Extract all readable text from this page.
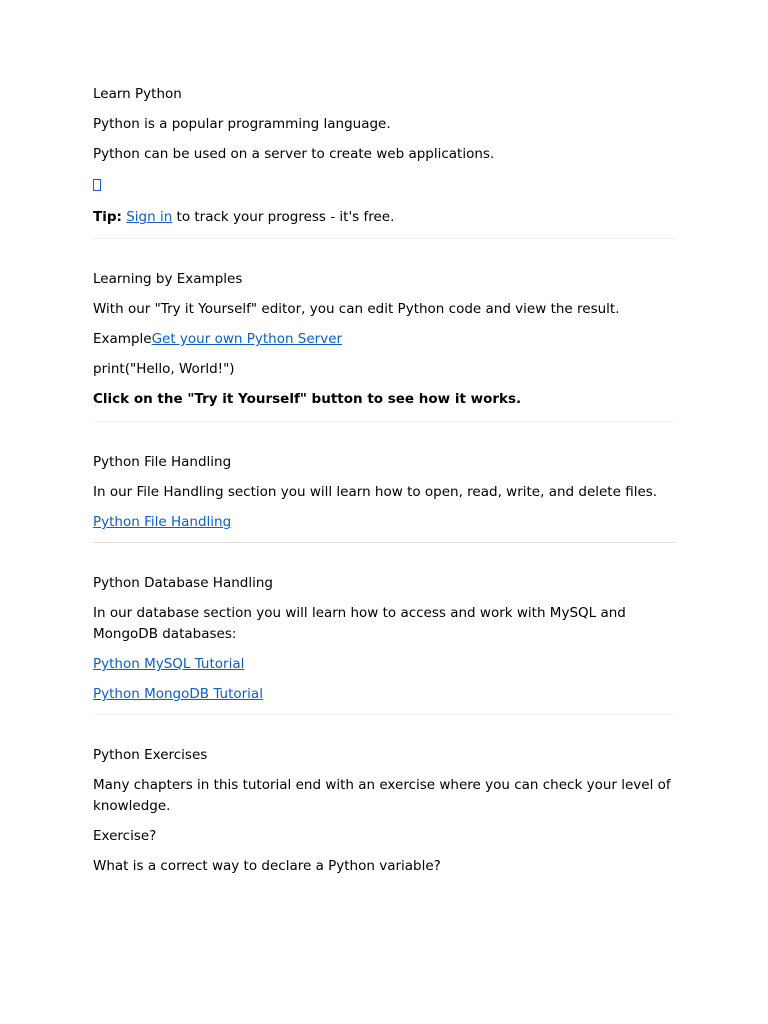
Learn Python
Python is a popular programming language.
Python can be used on a server to create web applications.
Tip: Sign in to track your progress - it's free.
Learning by Examples
With our "Try it Yourself" editor, you can edit Python code and view the result.
ExampleGet your own Python Server
print("Hello, World!")
Click on the "Try it Yourself" button to see how it works.
Python File Handling
In our File Handling section you will learn how to open, read, write, and delete files.
Python File Handling
Python Database Handling
In our database section you will learn how to access and work with MySQL and MongoDB databases:
Python MySQL Tutorial
Python MongoDB Tutorial
Python Exercises
Many chapters in this tutorial end with an exercise where you can check your level of knowledge.
Exercise?
What is a correct way to declare a Python variable?
